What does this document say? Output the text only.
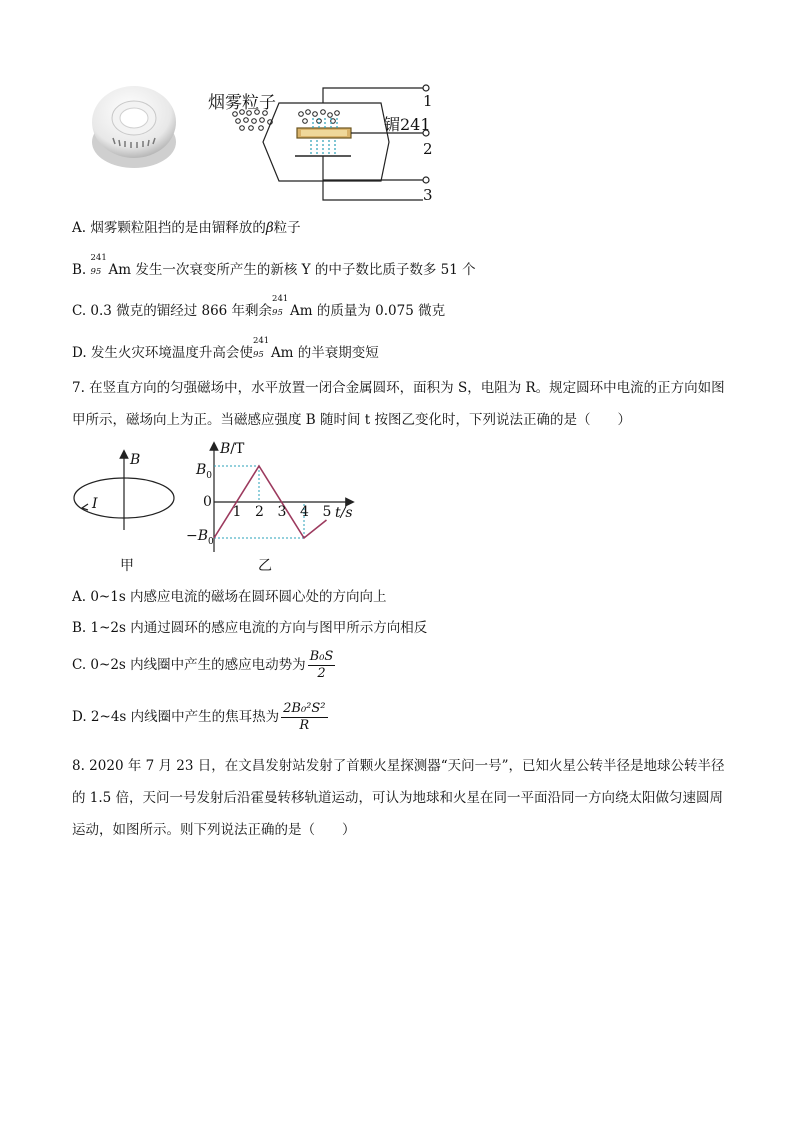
烟雾粒子
镅241
1
2
3
A. 烟雾颗粒阻挡的是由镅释放的β粒子
B.
241
95 Am 发生一次衰变所产生的新核 Y 的中子数比质子数多 51 个
C. 0.3 微克的镅经过 866 年剩余
241
95 Am 的质量为 0.075 微克
D. 发生火灾环境温度升高会使
241
95 Am 的半衰期变短
7. 在竖直方向的匀强磁场中，水平放置一闭合金属圆环，面积为 S，电阻为 R。规定圆环中电流的正方向如图甲所示，磁场向上为正。当磁感应强度 B 随时间 t 按图乙变化时，下列说法正确的是（　　）
B
I
甲
B/T
$B_0$
0
$-B_0$
1 2 3 4 5 t/s
乙
A. 0~1s 内感应电流的磁场在圆环圆心处的方向向上
B. 1~2s 内通过圆环的感应电流的方向与图甲所示方向相反
C. 0~2s 内线圈中产生的感应电动势为 $\frac{\text{B₀S}}{2}$
D. 2~4s 内线圈中产生的焦耳热为 $\frac{\text{2B₀²S²}}{R}$
8. 2020 年 7 月 23 日，在文昌发射站发射了首颗火星探测器“天问一号”，已知火星公转半径是地球公转半径的 1.5 倍，天问一号发射后沿霍曼转移轨道运动，可认为地球和火星在同一平面沿同一方向绕太阳做匀速圆周运动，如图所示。则下列说法正确的是（　　）
